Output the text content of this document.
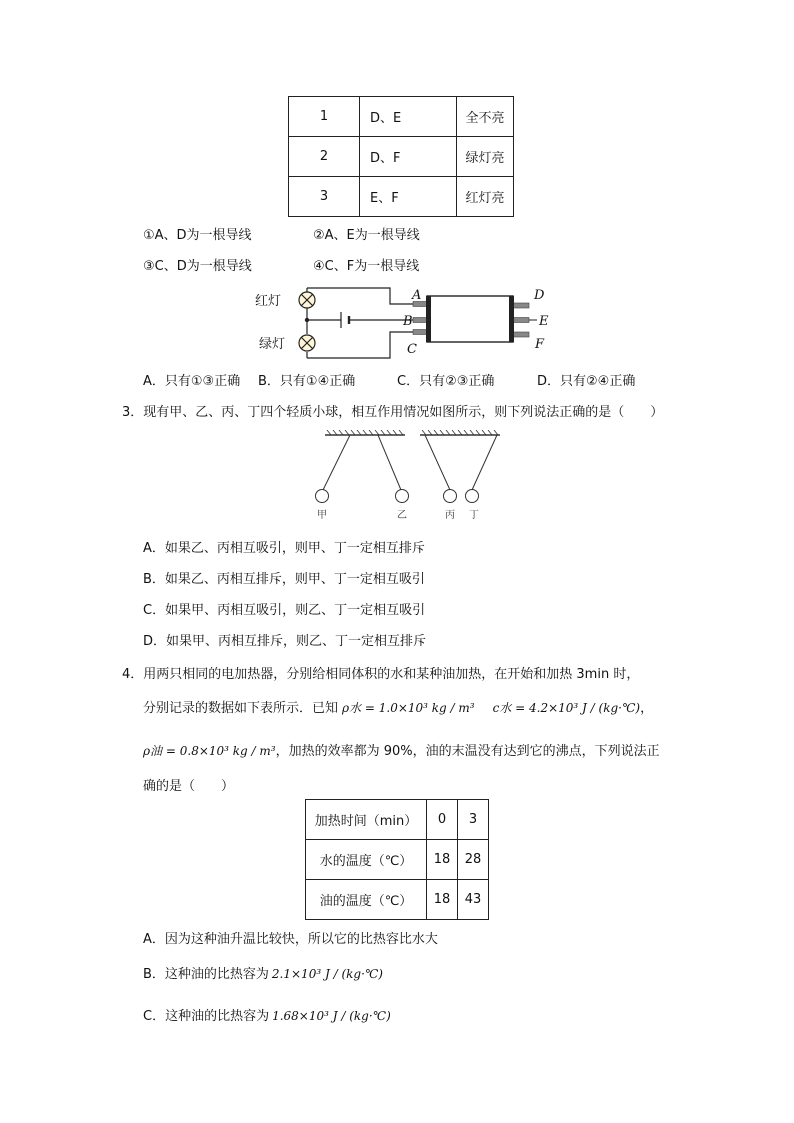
1	D、E	全不亮
2	D、F	绿灯亮
3	E、F	红灯亮
①A、D为一根导线	②A、E为一根导线
③C、D为一根导线	④C、F为一根导线
红灯
绿灯
A
B
C
D
E
F
A．只有①③正确 B．只有①④正确	C．只有②③正确	D．只有②④正确
3．现有甲、乙、丙、丁四个轻质小球，相互作用情况如图所示，则下列说法正确的是（　　）
甲	乙	丙 丁
A．如果乙、丙相互吸引，则甲、丁一定相互排斥
B．如果乙、丙相互排斥，则甲、丁一定相互吸引
C．如果甲、丙相互吸引，则乙、丁一定相互吸引
D．如果甲、丙相互排斥，则乙、丁一定相互排斥
4．用两只相同的电加热器，分别给相同体积的水和某种油加热，在开始和加热 3min 时，
分别记录的数据如下表所示．已知 ρ水 = 1.0×10³ kg / m³ c水 = 4.2×10³ J / (kg·℃)，
ρ油 = 0.8×10³ kg / m³，加热的效率都为 90%，油的末温没有达到它的沸点，下列说法正
确的是（　　）
加热时间（min）	0	3
水的温度（℃）	18	28
油的温度（℃）	18	43
A．因为这种油升温比较快，所以它的比热容比水大
B．这种油的比热容为 2.1×10³ J / (kg·℃)
C．这种油的比热容为 1.68×10³ J / (kg·℃)
